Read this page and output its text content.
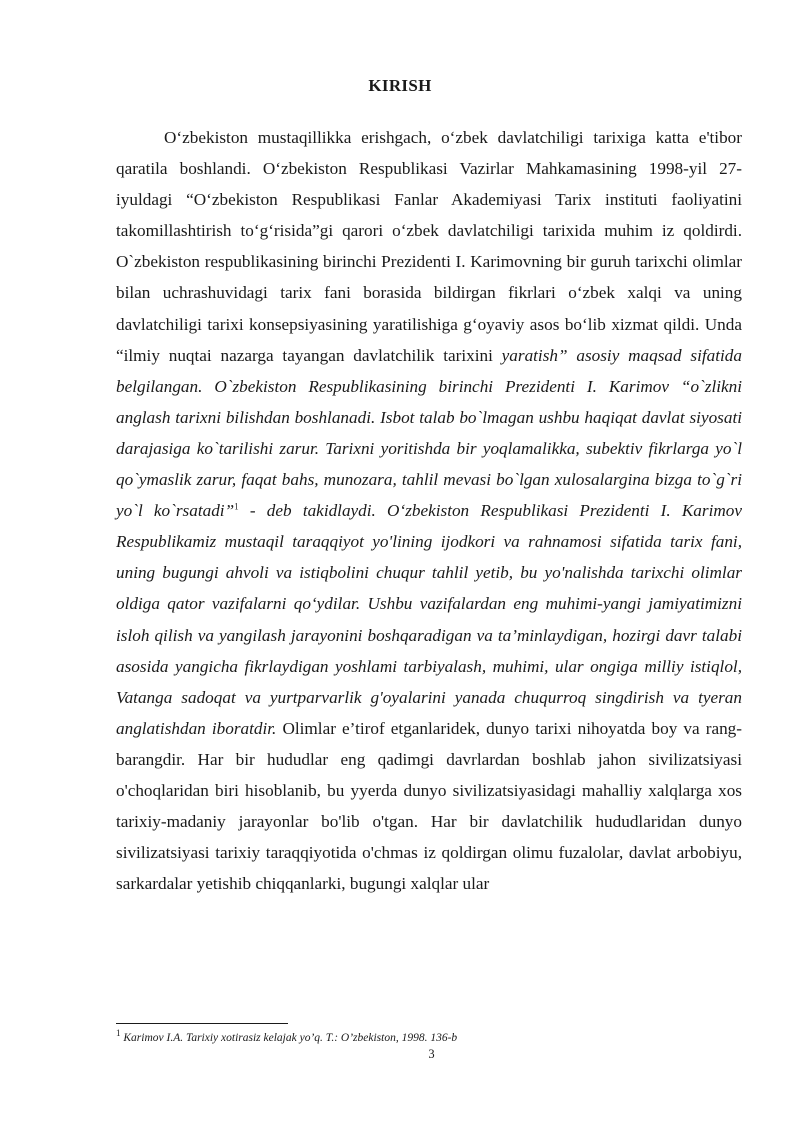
KIRISH

O‘zbekiston mustaqillikka erishgach, o‘zbek davlatchiligi tarixiga katta e'tibor qaratila boshlandi. O‘zbekiston Respublikasi Vazirlar Mahkamasining 1998-yil 27-iyuldagi “O‘zbekiston Respublikasi Fanlar Akademiyasi Tarix instituti faoliyatini takomillashtirish to‘g‘risida”gi qarori o‘zbek davlatchiligi tarixida muhim iz qoldirdi. O`zbekiston respublikasining birinchi Prezidenti I. Karimovning bir guruh tarixchi olimlar bilan uchrashuvidagi tarix fani borasida bildirgan fikrlari o‘zbek xalqi va uning davlatchiligi tarixi konsepsiyasining yaratilishiga g‘oyaviy asos bo‘lib xizmat qildi. Unda “ilmiy nuqtai nazarga tayangan davlatchilik tarixini yaratish” asosiy maqsad sifatida belgilangan. O`zbekiston Respublikasining birinchi Prezidenti I. Karimov “o`zlikni anglash tarixni bilishdan boshlanadi. Isbot talab bo`lmagan ushbu haqiqat davlat siyosati darajasiga ko`tarilishi zarur. Tarixni yoritishda bir yoqlamalikka, subektiv fikrlarga yo`l qo`ymaslik zarur, faqat bahs, munozara, tahlil mevasi bo`lgan xulosalargina bizga to`g`ri yo`l ko`rsatadi”$^1$ - deb takidlaydi. O‘zbekiston Respublikasi Prezidenti I. Karimov Respublikamiz mustaqil taraqqiyot yo'lining ijodkori va rahnamosi sifatida tarix fani, uning bugungi ahvoli va istiqbolini chuqur tahlil yetib, bu yo'nalishda tarixchi olimlar oldiga qator vazifalarni qo‘ydilar. Ushbu vazifalardan eng muhimi-yangi jamiyatimizni isloh qilish va yangilash jarayonini boshqaradigan va ta’minlaydigan, hozirgi davr talabi asosida yangicha fikrlaydigan yoshlami tarbiyalash, muhimi, ular ongiga milliy istiqlol, Vatanga sadoqat va yurtparvarlik g'oyalarini yanada chuqurroq singdirish va tyeran anglatishdan iboratdir. Olimlar e’tirof etganlaridek, dunyo tarixi nihoyatda boy va rang-barangdir. Har bir hududlar eng qadimgi davrlardan boshlab jahon sivilizatsiyasi o'choqlaridan biri hisoblanib, bu yyerda dunyo sivilizatsiyasidagi mahalliy xalqlarga xos tarixiy-madaniy jarayonlar bo'lib o'tgan. Har bir davlatchilik hududlaridan dunyo sivilizatsiyasi tarixiy taraqqiyotida o'chmas iz qoldirgan olimu fuzalolar, davlat arbobiyu, sarkardalar yetishib chiqqanlarki, bugungi xalqlar ular

$^1$ Karimov I.A. Tarixiy xotirasiz kelajak yo’q. T.: O’zbekiston, 1998. 136-b
3
